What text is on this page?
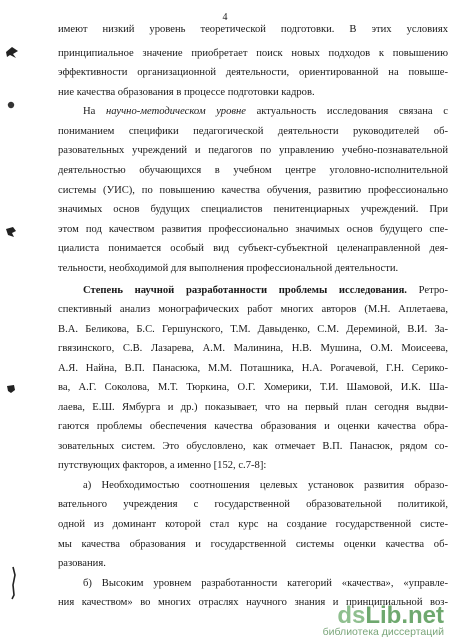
4
имеют низкий уровень теоретической подготовки. В этих условиях
принципиальное значение приобретает поиск новых подходов к повышению
эффективности организационной деятельности, ориентированной на повыше-
ние качества образования в процессе подготовки кадров.
На научно-методическом уровне актуальность исследования связана с
пониманием специфики педагогической деятельности руководителей об-
разовательных учреждений и педагогов по управлению учебно-познавательной
деятельностью обучающихся в учебном центре уголовно-исполнительной
системы (УИС), по повышению качества обучения, развитию профессионально
значимых основ будущих специалистов пенитенциарных учреждений. При
этом под качеством развития профессионально значимых основ будущего спе-
циалиста понимается особый вид субъект-субъектной целенаправленной дея-
тельности, необходимой для выполнения профессиональной деятельности.
Степень научной разработанности проблемы исследования. Ретро-
спективный анализ монографических работ многих авторов (М.Н. Аплетаева,
В.А. Беликова, Б.С. Гершунского, Т.М. Давыденко, С.М. Дереминой, В.И. За-
гвязинского, С.В. Лазарева, А.М. Малинина, Н.В. Мушина, О.М. Моисеева,
А.Я. Найна, В.П. Панасюка, М.М. Поташника, Н.А. Рогачевой, Г.Н. Серико-
ва, А.Г. Соколова, М.Т. Тюркина, О.Г. Хомерики, Т.И. Шамовой, И.К. Ша-
лаева, Е.Ш. Ямбурга и др.) показывает, что на первый план сегодня выдви-
гаются проблемы обеспечения качества образования и оценки качества обра-
зовательных систем. Это обусловлено, как отмечает В.П. Панасюк, рядом со-
путствующих факторов, а именно [152, с.7-8]:
а) Необходимостью соотношения целевых установок развития образо-
вательного учреждения с государственной образовательной политикой,
одной из доминант которой стал курс на создание государственной систе-
мы качества образования и государственной системы оценки качества об-
разования.
б) Высоким уровнем разработанности категорий «качества», «управле-
ния качеством» во многих отраслях научного знания и принципиальной воз-
dsLib.net
библиотека диссертаций
